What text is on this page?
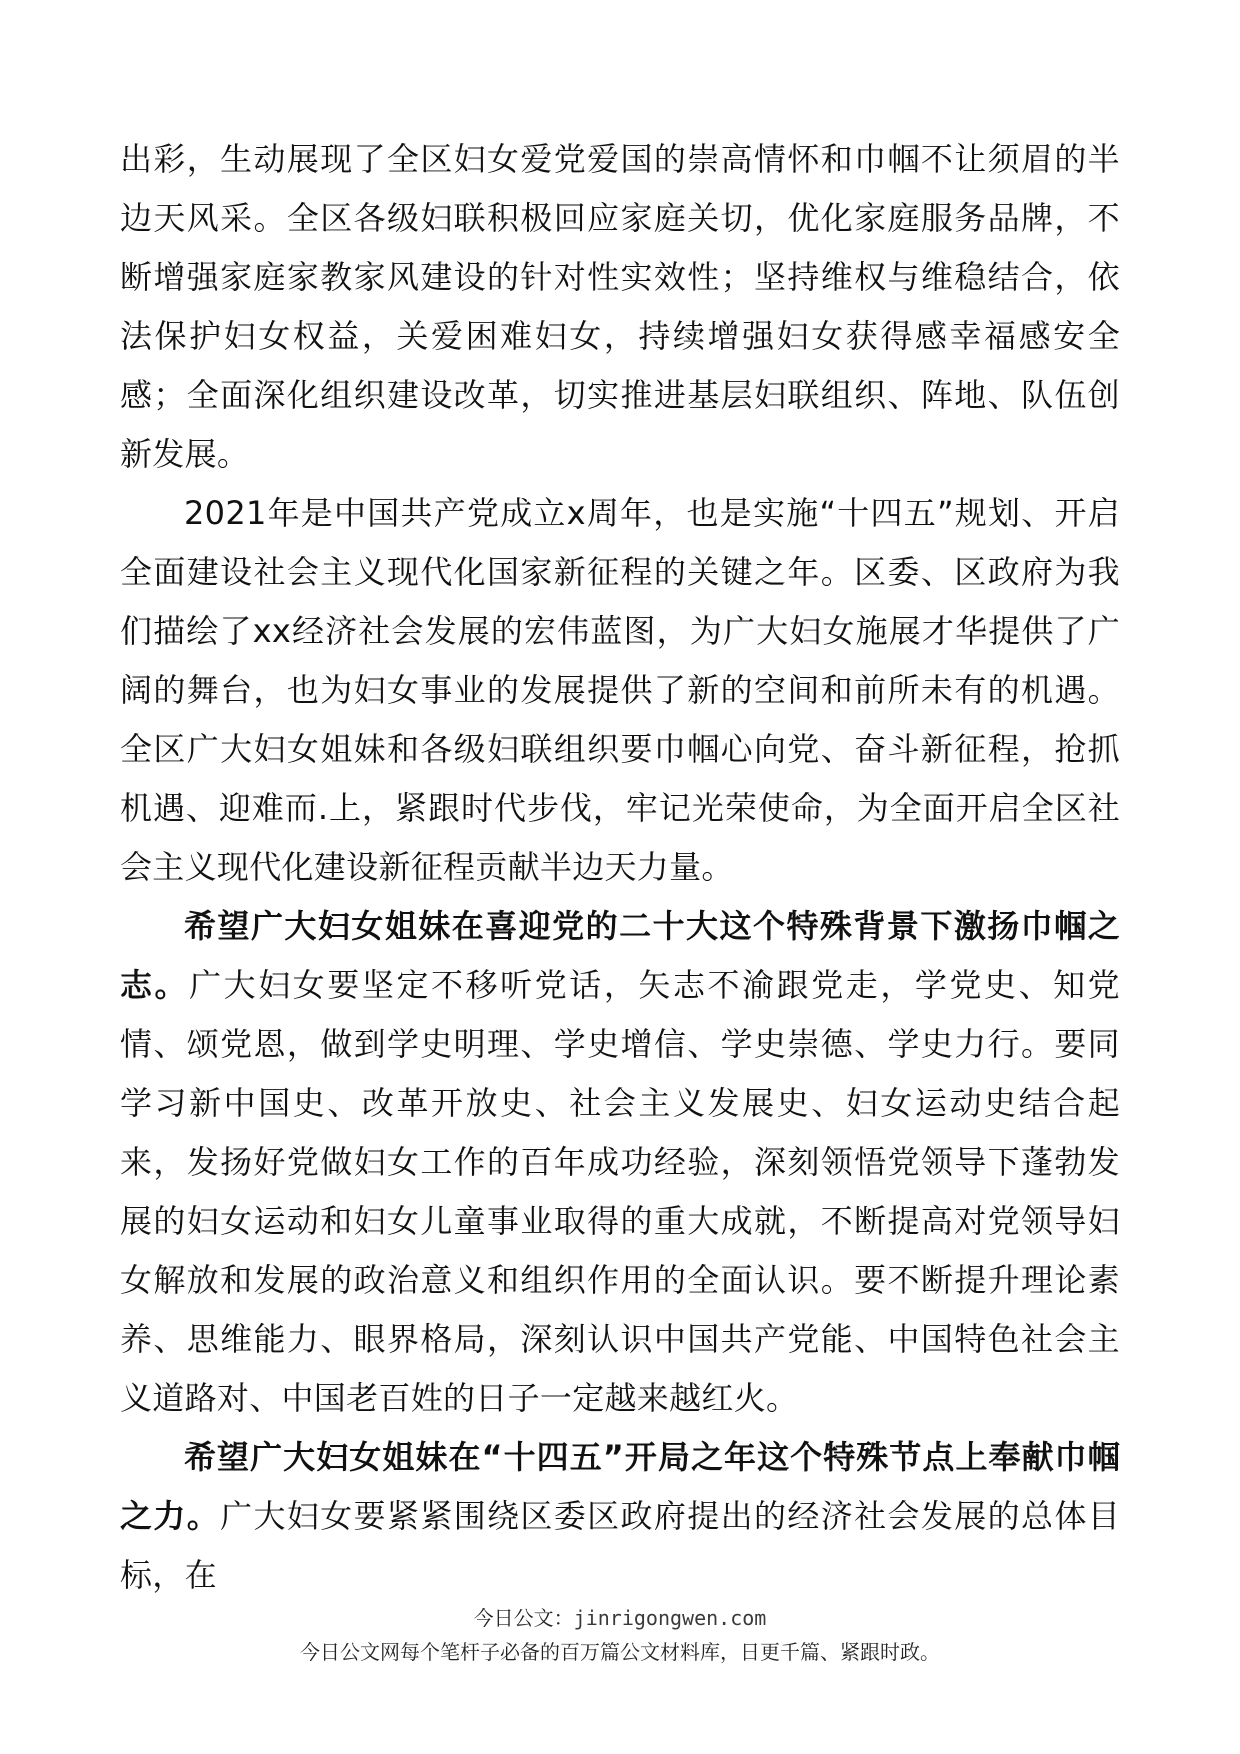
出彩，生动展现了全区妇女爱党爱国的崇高情怀和巾帼不让须眉的半边天风采。全区各级妇联积极回应家庭关切，优化家庭服务品牌，不断增强家庭家教家风建设的针对性实效性；坚持维权与维稳结合，依法保护妇女权益，关爱困难妇女，持续增强妇女获得感幸福感安全感；全面深化组织建设改革，切实推进基层妇联组织、阵地、队伍创新发展。

2021年是中国共产党成立x周年，也是实施“十四五”规划、开启全面建设社会主义现代化国家新征程的关键之年。区委、区政府为我们描绘了xx经济社会发展的宏伟蓝图，为广大妇女施展才华提供了广阔的舞台，也为妇女事业的发展提供了新的空间和前所未有的机遇。全区广大妇女姐妹和各级妇联组织要巾帼心向党、奋斗新征程，抢抓机遇、迎难而.上，紧跟时代步伐，牢记光荣使命，为全面开启全区社会主义现代化建设新征程贡献半边天力量。

希望广大妇女姐妹在喜迎党的二十大这个特殊背景下激扬巾帼之志。广大妇女要坚定不移听党话，矢志不渝跟党走，学党史、知党情、颂党恩，做到学史明理、学史增信、学史崇德、学史力行。要同学习新中国史、改革开放史、社会主义发展史、妇女运动史结合起来，发扬好党做妇女工作的百年成功经验，深刻领悟党领导下蓬勃发展的妇女运动和妇女儿童事业取得的重大成就，不断提高对党领导妇女解放和发展的政治意义和组织作用的全面认识。要不断提升理论素养、思维能力、眼界格局，深刻认识中国共产党能、中国特色社会主义道路对、中国老百姓的日子一定越来越红火。

希望广大妇女姐妹在“十四五”开局之年这个特殊节点上奉献巾帼之力。广大妇女要紧紧围绕区委区政府提出的经济社会发展的总体目标，在

今日公文：jinrigongwen.com
今日公文网每个笔杆子必备的百万篇公文材料库，日更千篇、紧跟时政。
